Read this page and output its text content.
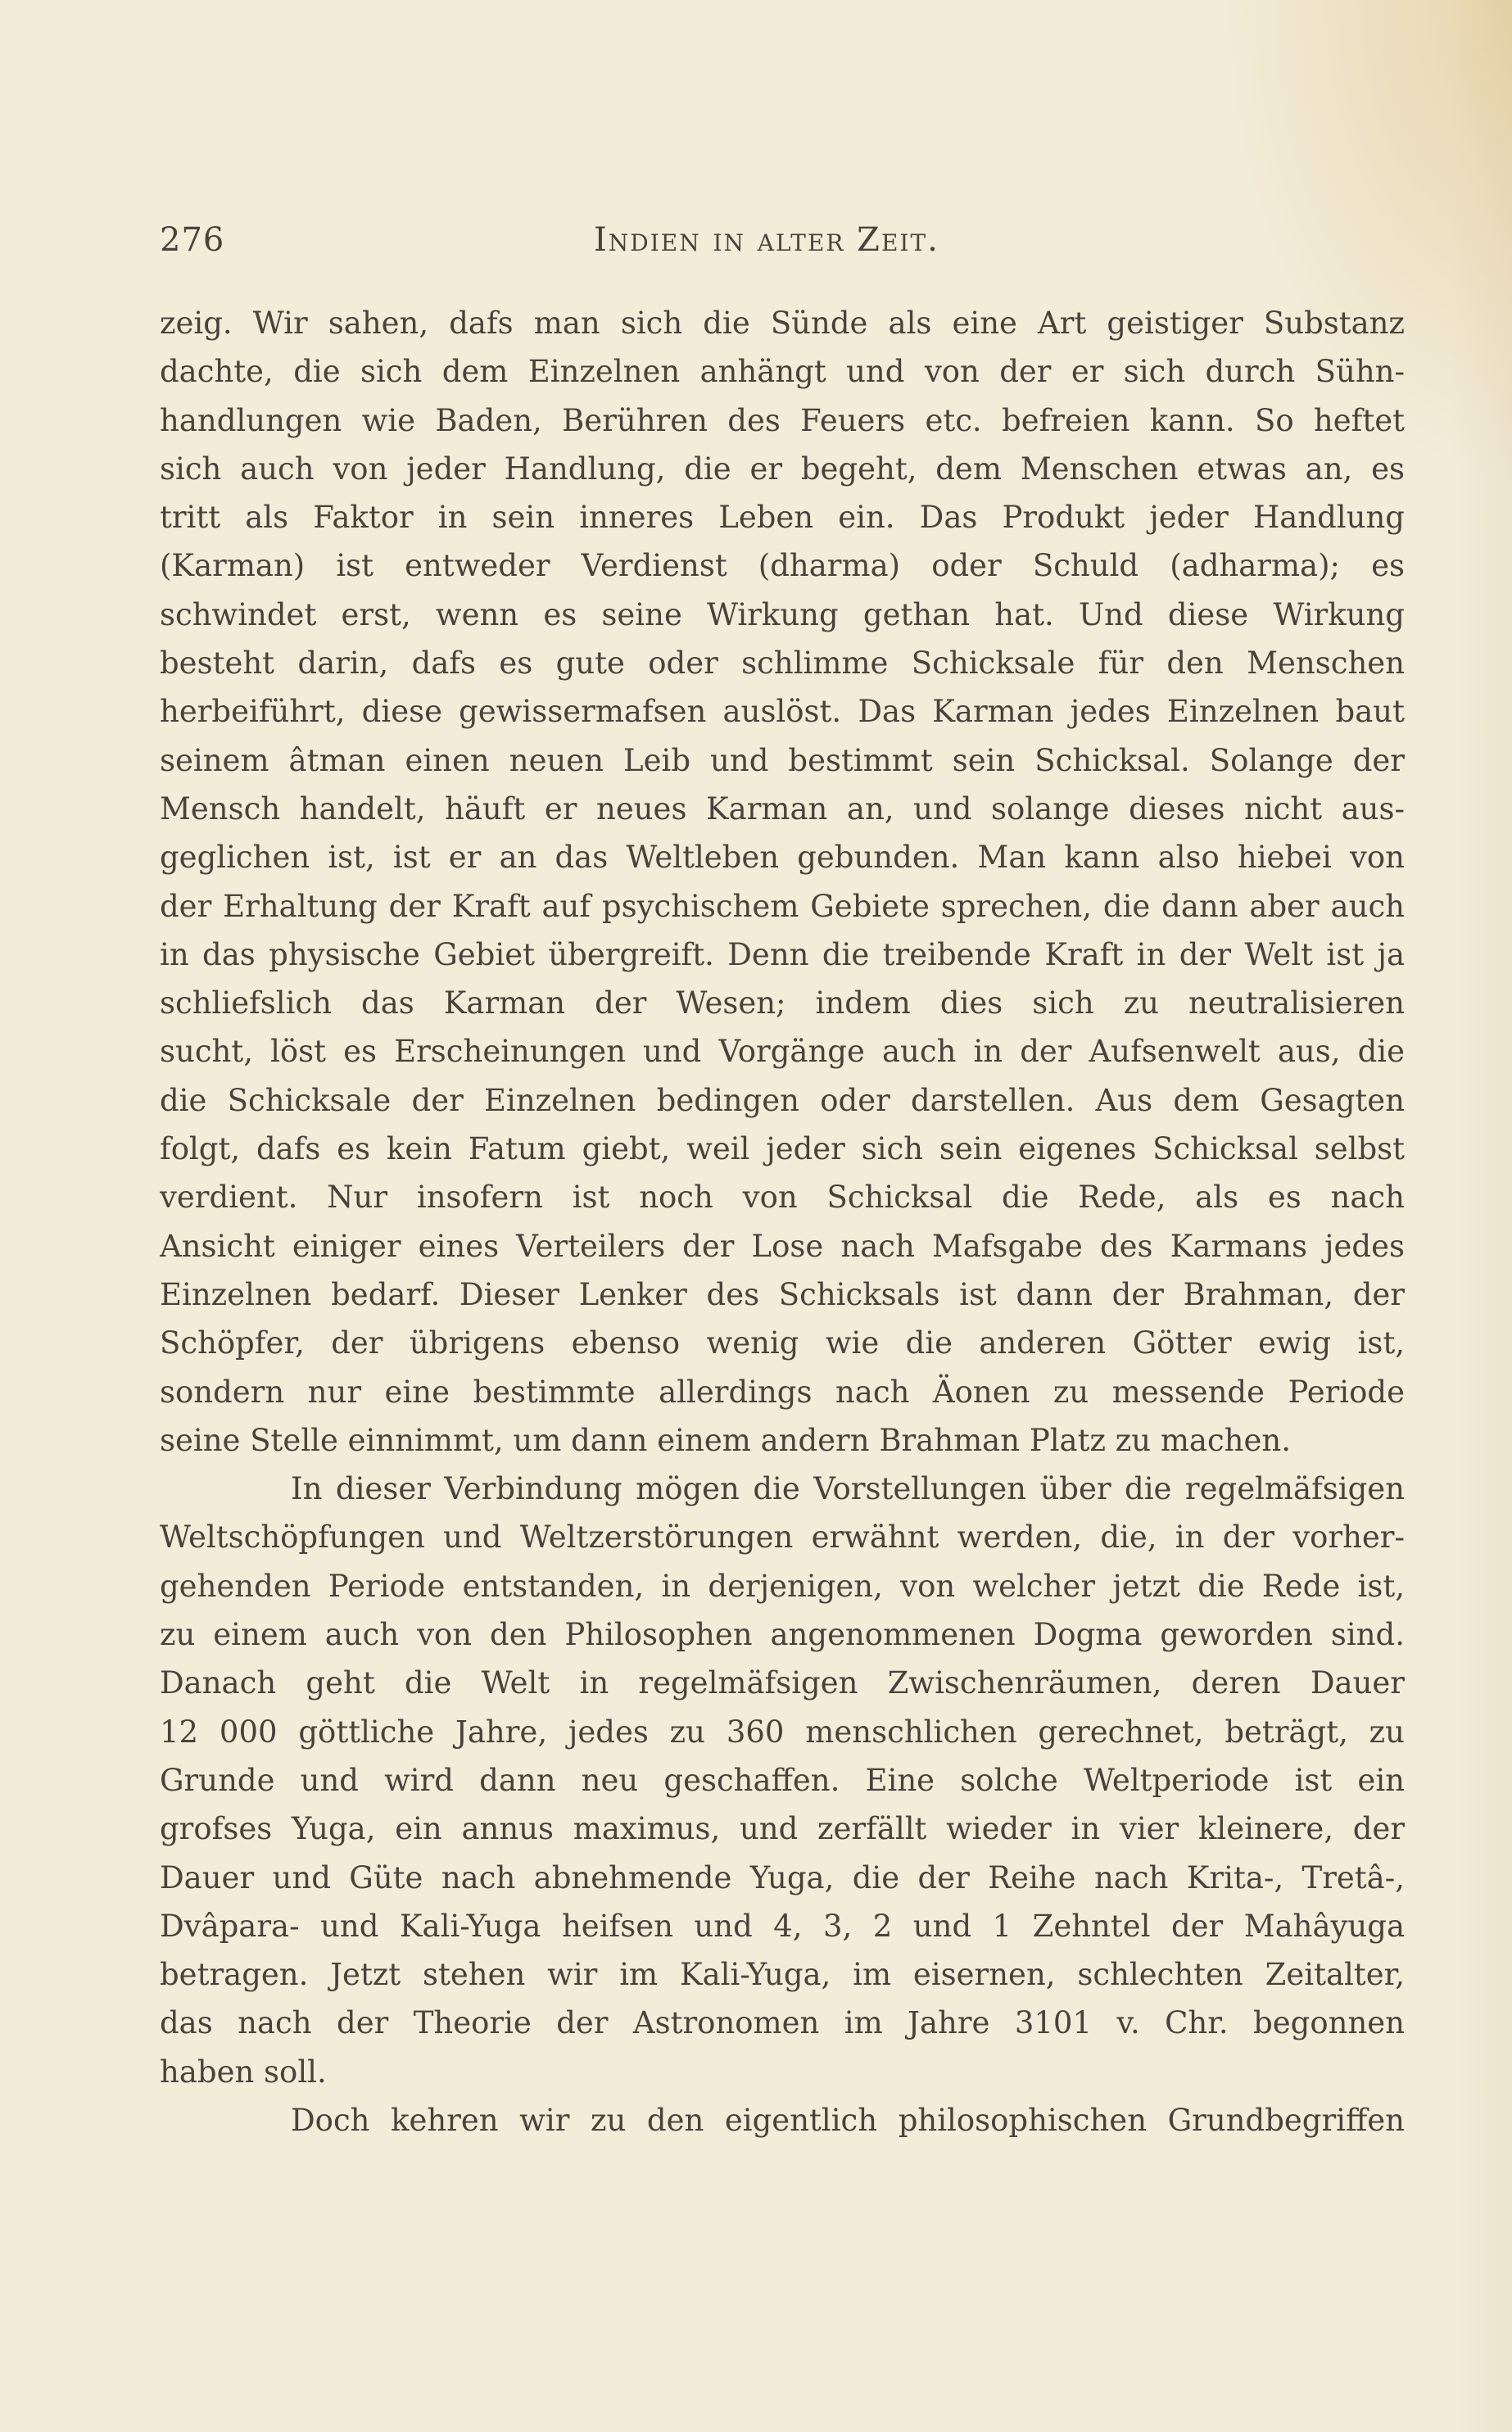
276	Indien in alter Zeit.
zeig. Wir sahen, dafs man sich die Sünde als eine Art geistiger Substanz
dachte, die sich dem Einzelnen anhängt und von der er sich durch Sühn-
handlungen wie Baden, Berühren des Feuers etc. befreien kann. So heftet
sich auch von jeder Handlung, die er begeht, dem Menschen etwas an, es
tritt als Faktor in sein inneres Leben ein. Das Produkt jeder Handlung
(Karman) ist entweder Verdienst (dharma) oder Schuld (adharma); es
schwindet erst, wenn es seine Wirkung gethan hat. Und diese Wirkung
besteht darin, dafs es gute oder schlimme Schicksale für den Menschen
herbeiführt, diese gewissermafsen auslöst. Das Karman jedes Einzelnen baut
seinem âtman einen neuen Leib und bestimmt sein Schicksal. Solange der
Mensch handelt, häuft er neues Karman an, und solange dieses nicht aus-
geglichen ist, ist er an das Weltleben gebunden. Man kann also hiebei von
der Erhaltung der Kraft auf psychischem Gebiete sprechen, die dann aber auch
in das physische Gebiet übergreift. Denn die treibende Kraft in der Welt ist ja
schliefslich das Karman der Wesen; indem dies sich zu neutralisieren
sucht, löst es Erscheinungen und Vorgänge auch in der Aufsenwelt aus, die
die Schicksale der Einzelnen bedingen oder darstellen. Aus dem Gesagten
folgt, dafs es kein Fatum giebt, weil jeder sich sein eigenes Schicksal selbst
verdient. Nur insofern ist noch von Schicksal die Rede, als es nach
Ansicht einiger eines Verteilers der Lose nach Mafsgabe des Karmans jedes
Einzelnen bedarf. Dieser Lenker des Schicksals ist dann der Brahman, der
Schöpfer, der übrigens ebenso wenig wie die anderen Götter ewig ist,
sondern nur eine bestimmte allerdings nach Äonen zu messende Periode
seine Stelle einnimmt, um dann einem andern Brahman Platz zu machen.
In dieser Verbindung mögen die Vorstellungen über die regelmäfsigen
Weltschöpfungen und Weltzerstörungen erwähnt werden, die, in der vorher-
gehenden Periode entstanden, in derjenigen, von welcher jetzt die Rede ist,
zu einem auch von den Philosophen angenommenen Dogma geworden sind.
Danach geht die Welt in regelmäfsigen Zwischenräumen, deren Dauer
12 000 göttliche Jahre, jedes zu 360 menschlichen gerechnet, beträgt, zu
Grunde und wird dann neu geschaffen. Eine solche Weltperiode ist ein
grofses Yuga, ein annus maximus, und zerfällt wieder in vier kleinere, der
Dauer und Güte nach abnehmende Yuga, die der Reihe nach Krita-, Tretâ-,
Dvâpara- und Kali-Yuga heifsen und 4, 3, 2 und 1 Zehntel der Mahâyuga
betragen. Jetzt stehen wir im Kali-Yuga, im eisernen, schlechten Zeitalter,
das nach der Theorie der Astronomen im Jahre 3101 v. Chr. begonnen
haben soll.
Doch kehren wir zu den eigentlich philosophischen Grundbegriffen
